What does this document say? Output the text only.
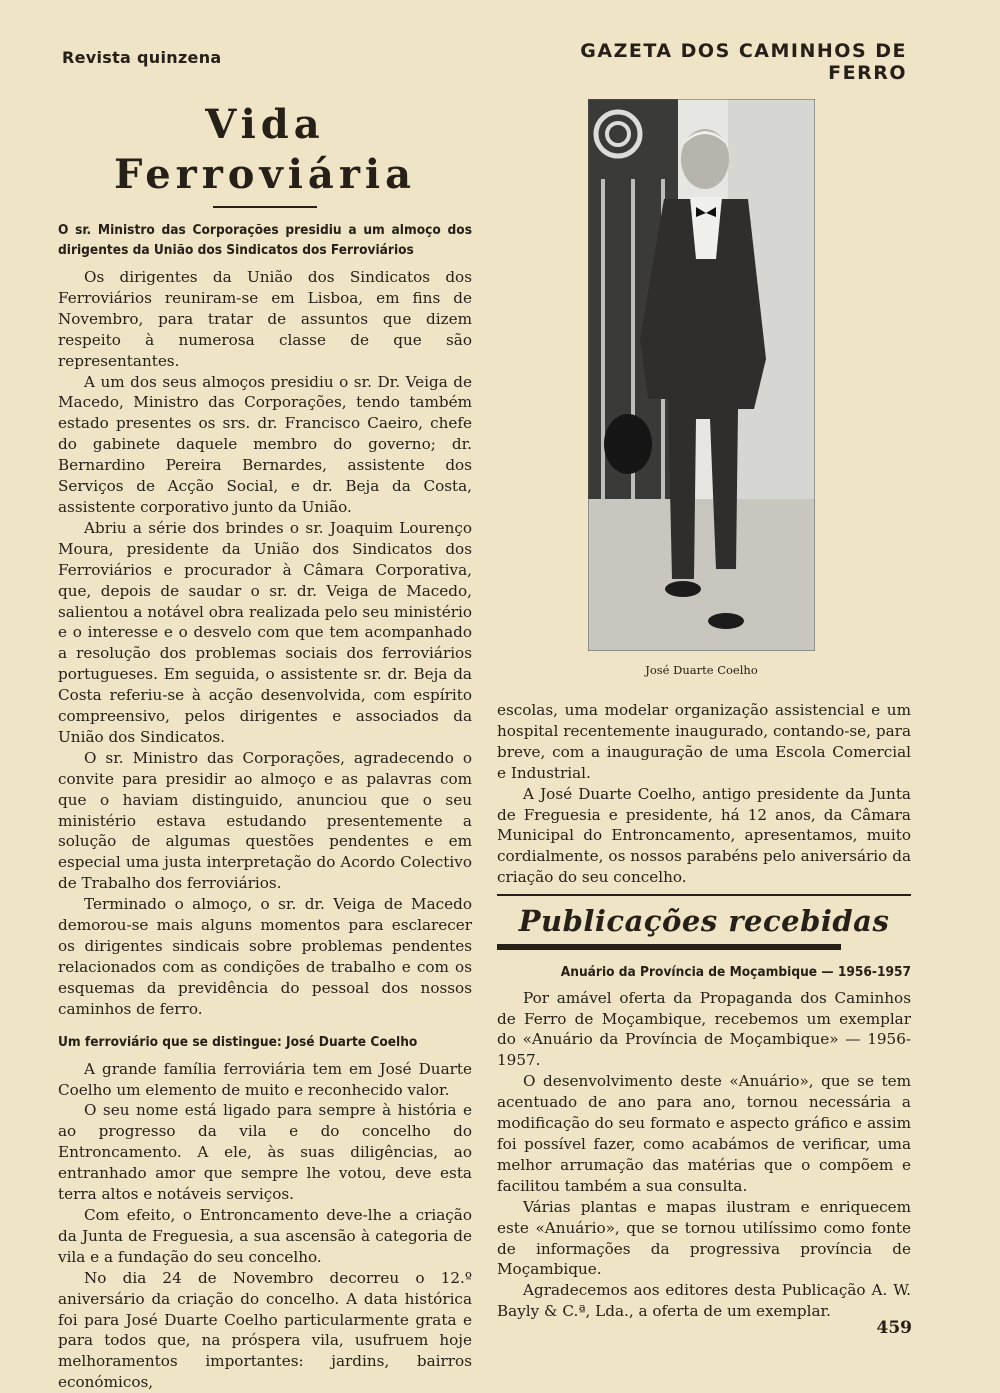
Revista quinzena	GAZETA DOS CAMINHOS DE FERRO
Vida Ferroviária
O sr. Ministro das Corporações presidiu a um almoço dos dirigentes da União dos Sindicatos dos Ferroviários

Os dirigentes da União dos Sindicatos dos Ferroviários reuniram-se em Lisboa, em fins de Novembro, para tratar de assuntos que dizem respeito à numerosa classe de que são representantes.

A um dos seus almoços presidiu o sr. Dr. Veiga de Macedo, Ministro das Corporações, tendo também estado presentes os srs. dr. Francisco Caeiro, chefe do gabinete daquele membro do governo; dr. Bernardino Pereira Bernardes, assistente dos Serviços de Acção Social, e dr. Beja da Costa, assistente corporativo junto da União.

Abriu a série dos brindes o sr. Joaquim Lourenço Moura, presidente da União dos Sindicatos dos Ferroviários e procurador à Câmara Corporativa, que, depois de saudar o sr. dr. Veiga de Macedo, salientou a notável obra realizada pelo seu ministério e o interesse e o desvelo com que tem acompanhado a resolução dos problemas sociais dos ferroviários portugueses. Em seguida, o assistente sr. dr. Beja da Costa referiu-se à acção desenvolvida, com espírito compreensivo, pelos dirigentes e associados da União dos Sindicatos.

O sr. Ministro das Corporações, agradecendo o convite para presidir ao almoço e as palavras com que o haviam distinguido, anunciou que o seu ministério estava estudando presentemente a solução de algumas questões pendentes e em especial uma justa interpretação do Acordo Colectivo de Trabalho dos ferroviários.

Terminado o almoço, o sr. dr. Veiga de Macedo demorou-se mais alguns momentos para esclarecer os dirigentes sindicais sobre problemas pendentes relacionados com as condições de trabalho e com os esquemas da previdência do pessoal dos nossos caminhos de ferro.

Um ferroviário que se distingue: José Duarte Coelho

A grande família ferroviária tem em José Duarte Coelho um elemento de muito e reconhecido valor.

O seu nome está ligado para sempre à história e ao progresso da vila e do concelho do Entroncamento. A ele, às suas diligências, ao entranhado amor que sempre lhe votou, deve esta terra altos e notáveis serviços.

Com efeito, o Entroncamento deve-lhe a criação da Junta de Freguesia, a sua ascensão à categoria de vila e a fundação do seu concelho.

No dia 24 de Novembro decorreu o 12.º aniversário da criação do concelho. A data histórica foi para José Duarte Coelho particularmente grata e para todos que, na próspera vila, usufruem hoje melhoramentos importantes: jardins, bairros económicos,

José Duarte Coelho

escolas, uma modelar organização assistencial e um hospital recentemente inaugurado, contando-se, para breve, com a inauguração de uma Escola Comercial e Industrial.

A José Duarte Coelho, antigo presidente da Junta de Freguesia e presidente, há 12 anos, da Câmara Municipal do Entroncamento, apresentamos, muito cordialmente, os nossos parabéns pelo aniversário da criação do seu concelho.

Publicações recebidas
Anuário da Província de Moçambique — 1956-1957

Por amável oferta da Propaganda dos Caminhos de Ferro de Moçambique, recebemos um exemplar do «Anuário da Província de Moçambique» — 1956-1957.

O desenvolvimento deste «Anuário», que se tem acentuado de ano para ano, tornou necessária a modificação do seu formato e aspecto gráfico e assim foi possível fazer, como acabámos de verificar, uma melhor arrumação das matérias que o compõem e facilitou também a sua consulta.

Várias plantas e mapas ilustram e enriquecem este «Anuário», que se tornou utilíssimo como fonte de informações da progressiva província de Moçambique.

Agradecemos aos editores desta Publicação A. W. Bayly & C.ª, Lda., a oferta de um exemplar.

459
